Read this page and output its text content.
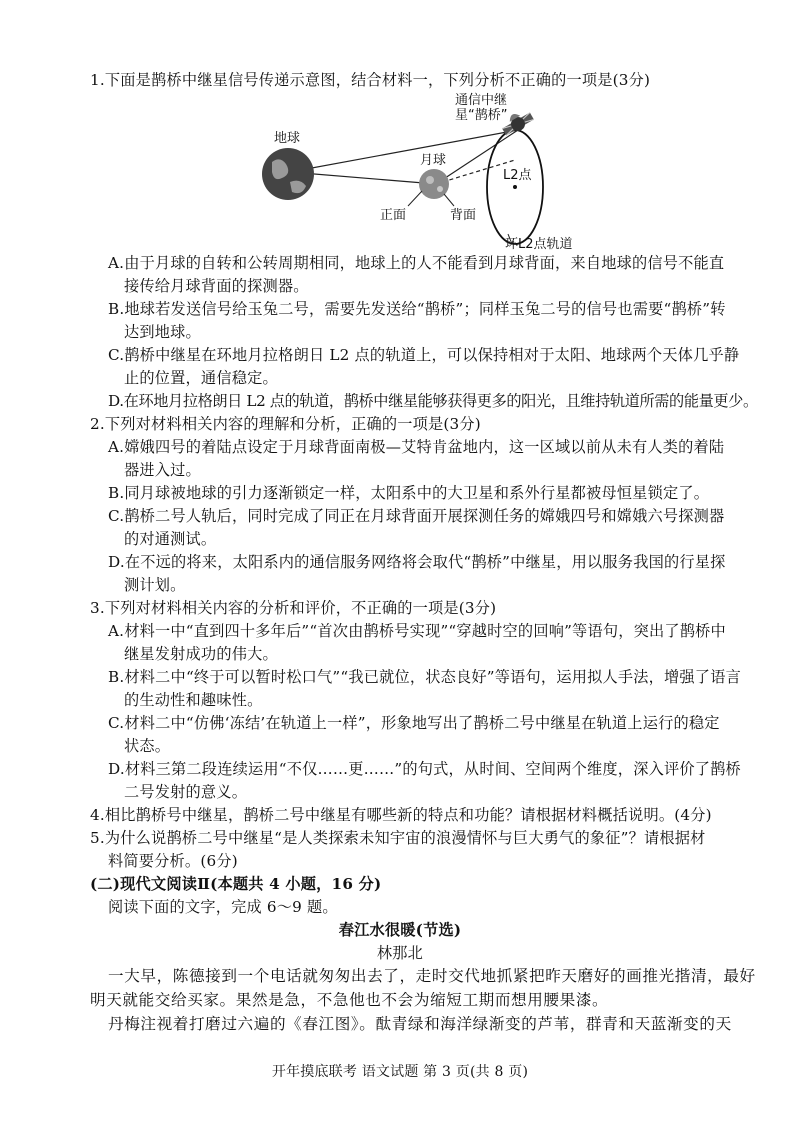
1.下面是鹊桥中继星信号传递示意图，结合材料一，下列分析不正确的一项是(3分)
通信中继
星“鹊桥”
地球
月球
L2点
正面	背面
环L2点轨道
A.由于月球的自转和公转周期相同，地球上的人不能看到月球背面，来自地球的信号不能直
接传给月球背面的探测器。
B.地球若发送信号给玉兔二号，需要先发送给“鹊桥”；同样玉兔二号的信号也需要“鹊桥”转
达到地球。
C.鹊桥中继星在环地月拉格朗日 L2 点的轨道上，可以保持相对于太阳、地球两个天体几乎静
止的位置，通信稳定。
D.在环地月拉格朗日 L2 点的轨道，鹊桥中继星能够获得更多的阳光，且维持轨道所需的能量更少。
2.下列对材料相关内容的理解和分析，正确的一项是(3分)
A.嫦娥四号的着陆点设定于月球背面南极—艾特肯盆地内，这一区域以前从未有人类的着陆
器进入过。
B.同月球被地球的引力逐渐锁定一样，太阳系中的大卫星和系外行星都被母恒星锁定了。
C.鹊桥二号人轨后，同时完成了同正在月球背面开展探测任务的嫦娥四号和嫦娥六号探测器
的对通测试。
D.在不远的将来，太阳系内的通信服务网络将会取代“鹊桥”中继星，用以服务我国的行星探
测计划。
3.下列对材料相关内容的分析和评价，不正确的一项是(3分)
A.材料一中“直到四十多年后”“首次由鹊桥号实现”“穿越时空的回响”等语句，突出了鹊桥中
继星发射成功的伟大。
B.材料二中“终于可以暂时松口气”“我已就位，状态良好”等语句，运用拟人手法，增强了语言
的生动性和趣味性。
C.材料二中“仿佛‘冻结’在轨道上一样”，形象地写出了鹊桥二号中继星在轨道上运行的稳定
状态。
D.材料三第二段连续运用“不仅……更……”的句式，从时间、空间两个维度，深入评价了鹊桥
二号发射的意义。
4.相比鹊桥号中继星，鹊桥二号中继星有哪些新的特点和功能？请根据材料概括说明。(4分)
5.为什么说鹊桥二号中继星“是人类探索未知宇宙的浪漫情怀与巨大勇气的象征”？请根据材
料简要分析。(6分)
(二)现代文阅读Ⅱ(本题共 4 小题，16 分)
阅读下面的文字，完成 6～9 题。
春江水很暖(节选)
林那北
一大早，陈德接到一个电话就匆匆出去了，走时交代地抓紧把昨天磨好的画推光揩清，最好
明天就能交给买家。果然是急，不急他也不会为缩短工期而想用腰果漆。
丹梅注视着打磨过六遍的《春江图》。酞青绿和海洋绿渐变的芦苇，群青和天蓝渐变的天
开年摸底联考 语文试题 第 3 页(共 8 页)
